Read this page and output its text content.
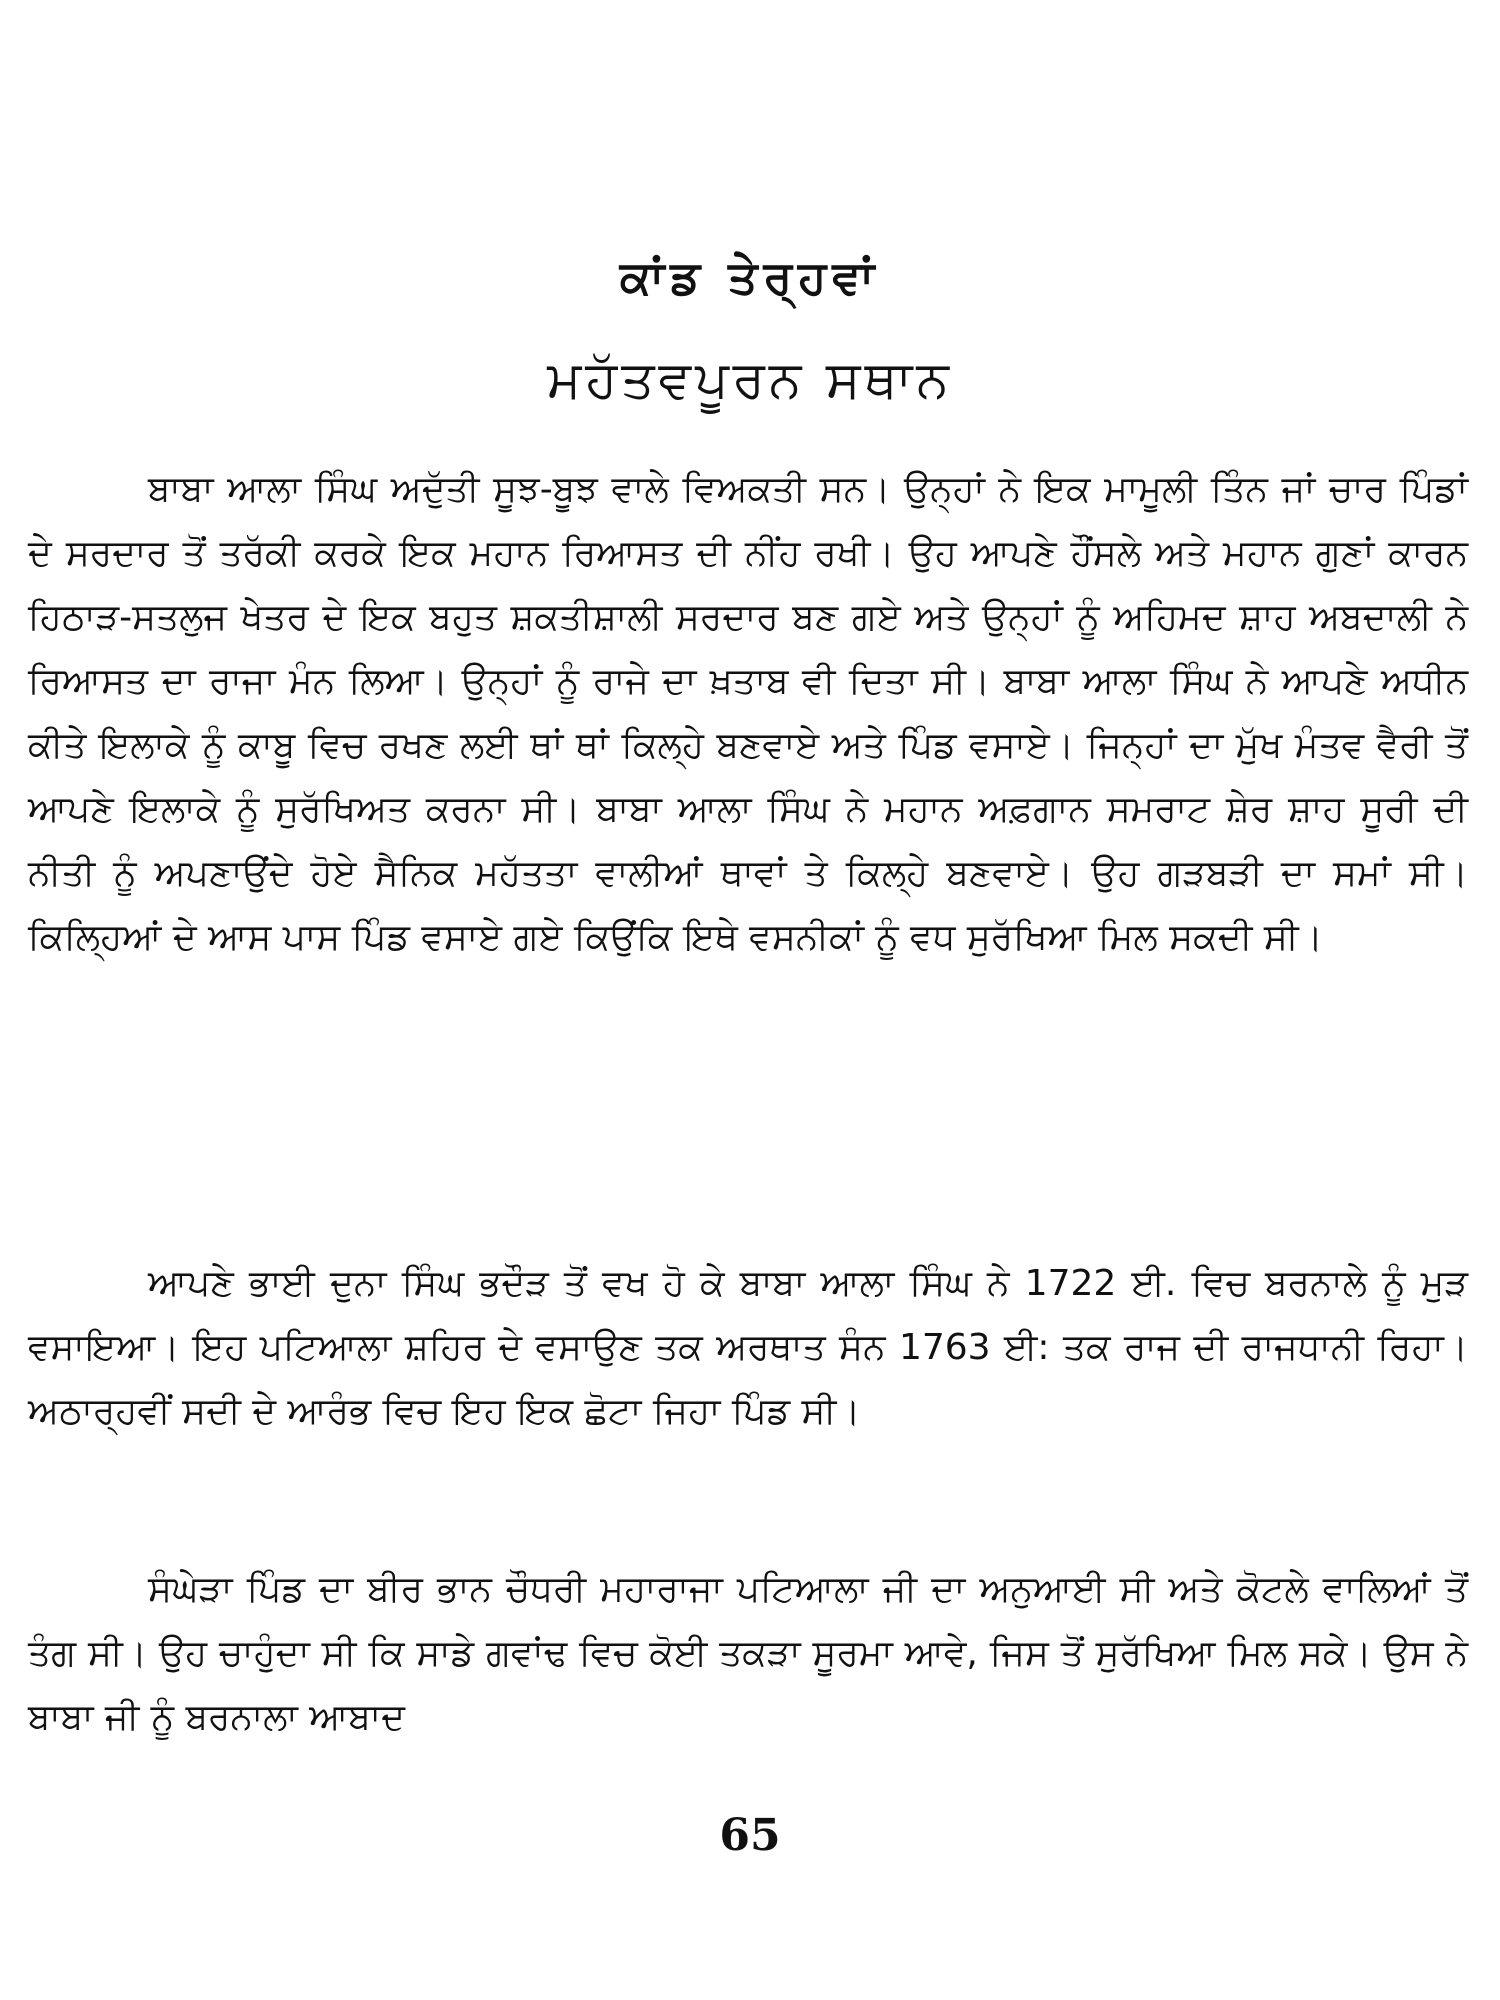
ਕਾਂਡ ਤੇਰ੍ਹਵਾਂ
ਮਹੱਤਵਪੂਰਨ ਸਥਾਨ

ਬਾਬਾ ਆਲਾ ਸਿੰਘ ਅਦੁੱਤੀ ਸੂਝ-ਬੂਝ ਵਾਲੇ ਵਿਅਕਤੀ ਸਨ। ਉਨ੍ਹਾਂ ਨੇ ਇਕ ਮਾਮੂਲੀ ਤਿੰਨ ਜਾਂ ਚਾਰ ਪਿੰਡਾਂ ਦੇ ਸਰਦਾਰ ਤੋਂ ਤਰੱਕੀ ਕਰਕੇ ਇਕ ਮਹਾਨ ਰਿਆਸਤ ਦੀ ਨੀਂਹ ਰਖੀ। ਉਹ ਆਪਣੇ ਹੌਂਸਲੇ ਅਤੇ ਮਹਾਨ ਗੁਣਾਂ ਕਾਰਨ ਹਿਠਾੜ-ਸਤਲੁਜ ਖੇਤਰ ਦੇ ਇਕ ਬਹੁਤ ਸ਼ਕਤੀਸ਼ਾਲੀ ਸਰਦਾਰ ਬਣ ਗਏ ਅਤੇ ਉਨ੍ਹਾਂ ਨੂੰ ਅਹਿਮਦ ਸ਼ਾਹ ਅਬਦਾਲੀ ਨੇ ਰਿਆਸਤ ਦਾ ਰਾਜਾ ਮੰਨ ਲਿਆ। ਉਨ੍ਹਾਂ ਨੂੰ ਰਾਜੇ ਦਾ ਖ਼ਤਾਬ ਵੀ ਦਿਤਾ ਸੀ। ਬਾਬਾ ਆਲਾ ਸਿੰਘ ਨੇ ਆਪਣੇ ਅਧੀਨ ਕੀਤੇ ਇਲਾਕੇ ਨੂੰ ਕਾਬੂ ਵਿਚ ਰਖਣ ਲਈ ਥਾਂ ਥਾਂ ਕਿਲ੍ਹੇ ਬਣਵਾਏ ਅਤੇ ਪਿੰਡ ਵਸਾਏ। ਜਿਨ੍ਹਾਂ ਦਾ ਮੁੱਖ ਮੰਤਵ ਵੈਰੀ ਤੋਂ ਆਪਣੇ ਇਲਾਕੇ ਨੂੰ ਸੁਰੱਖਿਅਤ ਕਰਨਾ ਸੀ। ਬਾਬਾ ਆਲਾ ਸਿੰਘ ਨੇ ਮਹਾਨ ਅਫ਼ਗਾਨ ਸਮਰਾਟ ਸ਼ੇਰ ਸ਼ਾਹ ਸੂਰੀ ਦੀ ਨੀਤੀ ਨੂੰ ਅਪਣਾਉਂਦੇ ਹੋਏ ਸੈਨਿਕ ਮਹੱਤਤਾ ਵਾਲੀਆਂ ਥਾਵਾਂ ਤੇ ਕਿਲ੍ਹੇ ਬਣਵਾਏ। ਉਹ ਗੜਬੜੀ ਦਾ ਸਮਾਂ ਸੀ। ਕਿਲ੍ਹਿਆਂ ਦੇ ਆਸ ਪਾਸ ਪਿੰਡ ਵਸਾਏ ਗਏ ਕਿਉਂਕਿ ਇਥੇ ਵਸਨੀਕਾਂ ਨੂੰ ਵਧ ਸੁਰੱਖਿਆ ਮਿਲ ਸਕਦੀ ਸੀ।

ਆਪਣੇ ਭਾਈ ਦੁਨਾ ਸਿੰਘ ਭਦੌੜ ਤੋਂ ਵਖ ਹੋ ਕੇ ਬਾਬਾ ਆਲਾ ਸਿੰਘ ਨੇ 1722 ਈ. ਵਿਚ ਬਰਨਾਲੇ ਨੂੰ ਮੁੜ ਵਸਾਇਆ। ਇਹ ਪਟਿਆਲਾ ਸ਼ਹਿਰ ਦੇ ਵਸਾਉਣ ਤਕ ਅਰਥਾਤ ਸੰਨ 1763 ਈ: ਤਕ ਰਾਜ ਦੀ ਰਾਜਧਾਨੀ ਰਿਹਾ। ਅਠਾਰ੍ਹਵੀਂ ਸਦੀ ਦੇ ਆਰੰਭ ਵਿਚ ਇਹ ਇਕ ਛੋਟਾ ਜਿਹਾ ਪਿੰਡ ਸੀ।

ਸੰਘੇੜਾ ਪਿੰਡ ਦਾ ਬੀਰ ਭਾਨ ਚੌਧਰੀ ਮਹਾਰਾਜਾ ਪਟਿਆਲਾ ਜੀ ਦਾ ਅਨੁਆਈ ਸੀ ਅਤੇ ਕੋਟਲੇ ਵਾਲਿਆਂ ਤੋਂ ਤੰਗ ਸੀ। ਉਹ ਚਾਹੁੰਦਾ ਸੀ ਕਿ ਸਾਡੇ ਗਵਾਂਢ ਵਿਚ ਕੋਈ ਤਕੜਾ ਸੂਰਮਾ ਆਵੇ, ਜਿਸ ਤੋਂ ਸੁਰੱਖਿਆ ਮਿਲ ਸਕੇ। ਉਸ ਨੇ ਬਾਬਾ ਜੀ ਨੂੰ ਬਰਨਾਲਾ ਆਬਾਦ

65
